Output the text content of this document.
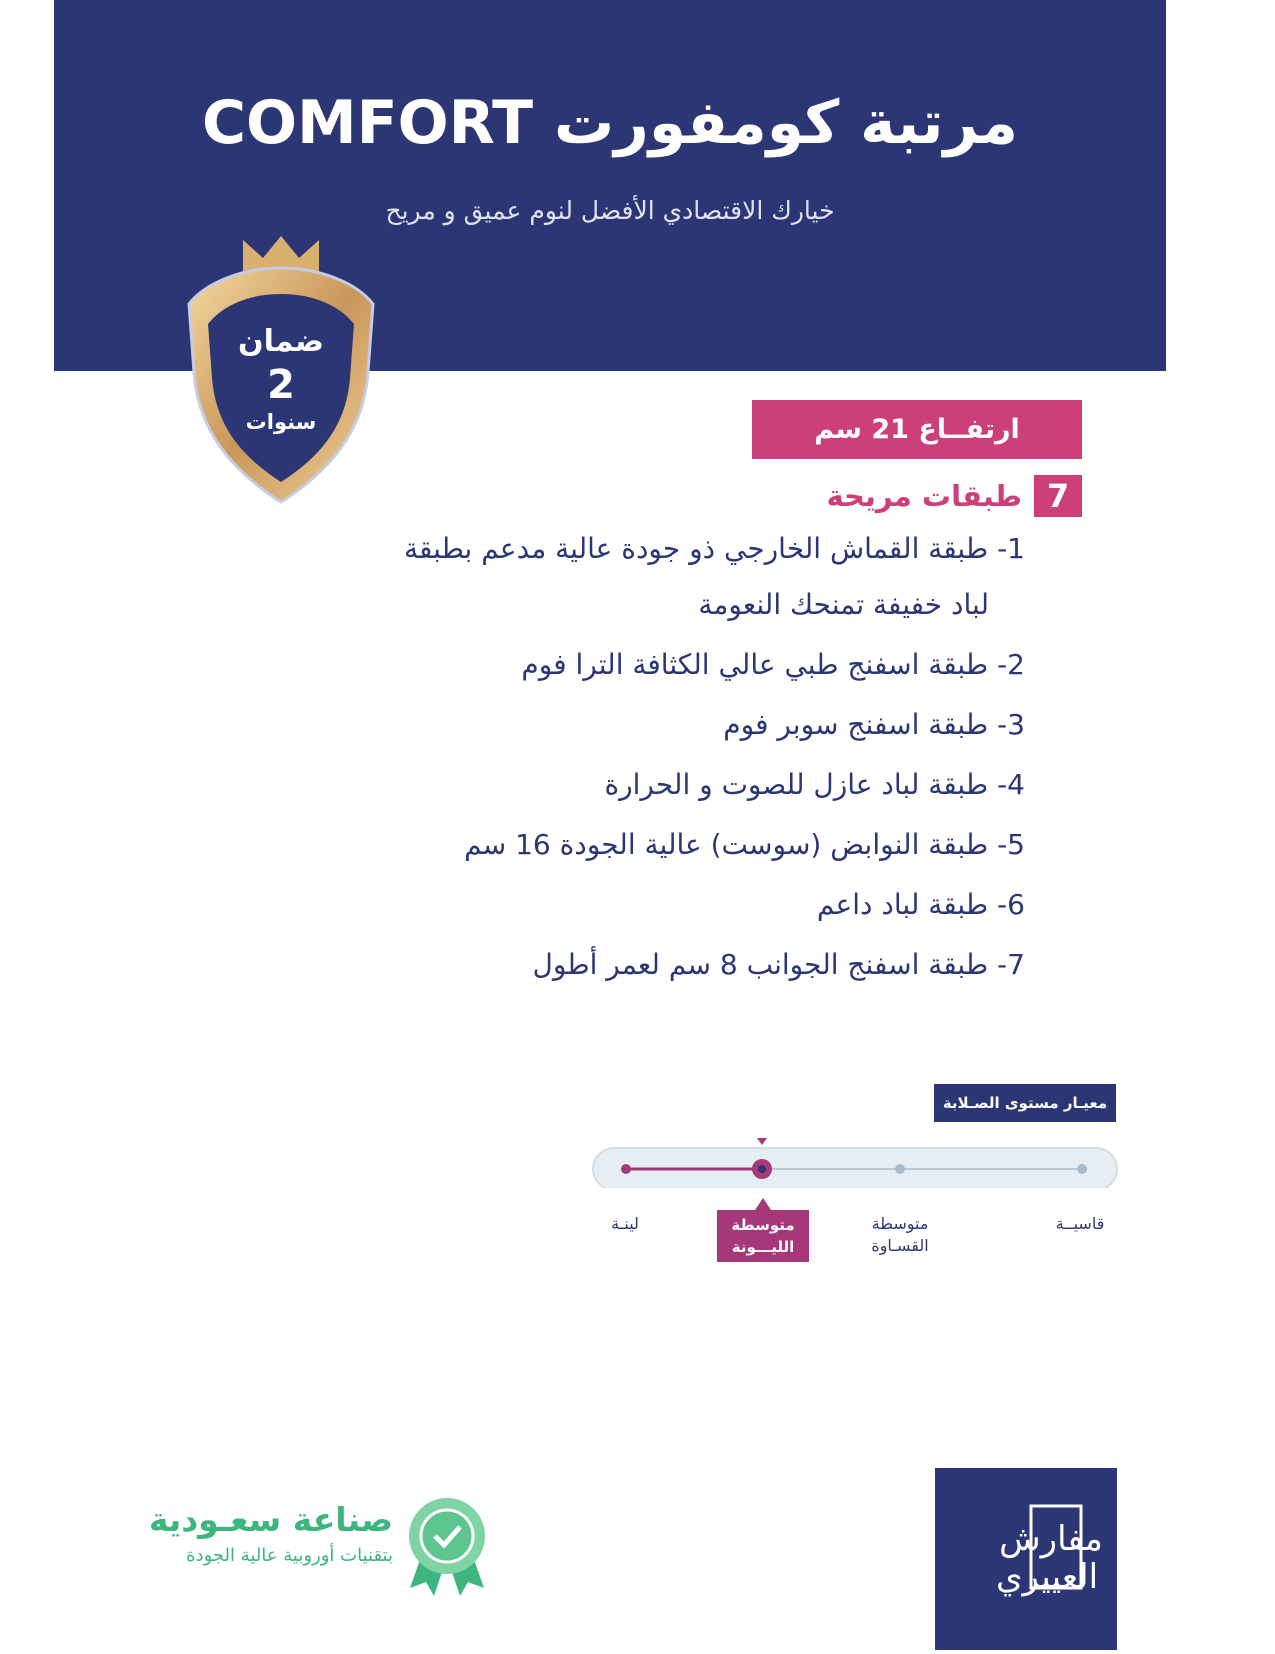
مرتبة كومفورت COMFORT
خيارك الاقتصادي الأفضل لنوم عميق و مريح
ضمان
2
سنوات	ارتفــاع 21 سم
7
طبقات مريحة
1- طبقة القماش الخارجي ذو جودة عالية مدعم بطبقة
لباد خفيفة تمنحك النعومة
2- طبقة اسفنج طبي عالي الكثافة الترا فوم
3- طبقة اسفنج سوبر فوم
4- طبقة لباد عازل للصوت و الحرارة
5- طبقة النوابض (سوست) عالية الجودة 16 سم
6- طبقة لباد داعم
7- طبقة اسفنج الجوانب 8 سم لعمر أطول
معيـار مستوى الصـلابة
قاسيــة
متوسطة
القسـاوة
متوسطة
الليـــونة
لينـة
مفارش
العييري
صناعة سعـودية
بتقنيات أوروبية عالية الجودة
